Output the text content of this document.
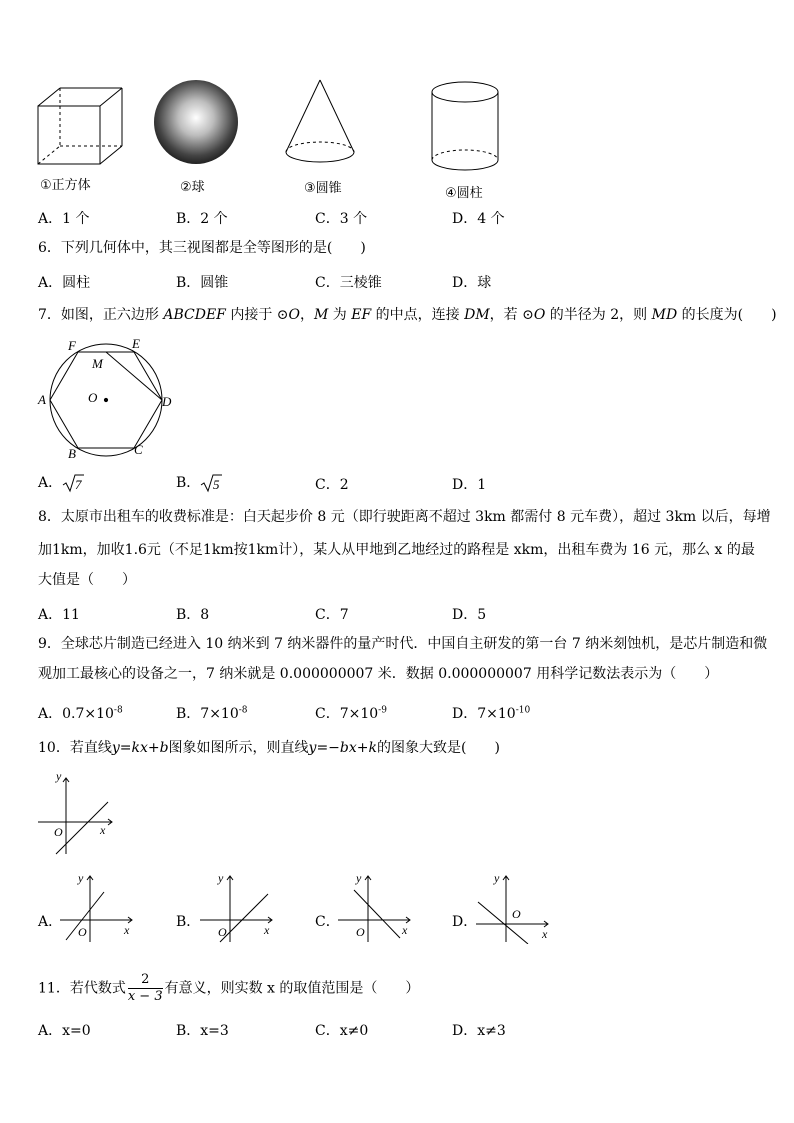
①正方体	②球	③圆锥	④圆柱
A．1 个	B．2 个	C．3 个	D．4 个
6．下列几何体中，其三视图都是全等图形的是(　　)
A．圆柱	B．圆锥	C．三棱锥	D．球
7．如图，正六边形 ABCDEF 内接于 ⊙O，M 为 EF 的中点，连接 DM，若 ⊙O 的半径为 2，则 MD 的长度为(　　)
F	E
M
A	O	D
B	C
A． 7	B． 5	C．2	D．1
8．太原市出租车的收费标准是：白天起步价 8 元（即行驶距离不超过 3km 都需付 8 元车费），超过 3km 以后，每增
加1km，加收1.6元（不足1km按1km计），某人从甲地到乙地经过的路程是 xkm，出租车费为 16 元，那么 x 的最
大值是（　　）
A．11	B．8	C．7	D．5
9．全球芯片制造已经进入 10 纳米到 7 纳米器件的量产时代．中国自主研发的第一台 7 纳米刻蚀机，是芯片制造和微
观加工最核心的设备之一，7 纳米就是 0.000000007 米．数据 0.000000007 用科学记数法表示为（　　）
A．$0.7\times 10^{-8}$	B．$7\times 10^{-8}$	C．$7\times 10^{-9}$	D．$7\times 10^{-10}$
10．若直线y=kx+b图象如图所示，则直线y=−bx+k的图象大致是(　　)
y
x
O
A．
y
x
O
B．
y
x
O
C．
y
x
O
D．
y
x
O
11．若代数式 $\frac{2}{x - 3}$ 有意义，则实数 x 的取值范围是（　　）
A．x=0	B．x=3	C．x≠0	D．x≠3
